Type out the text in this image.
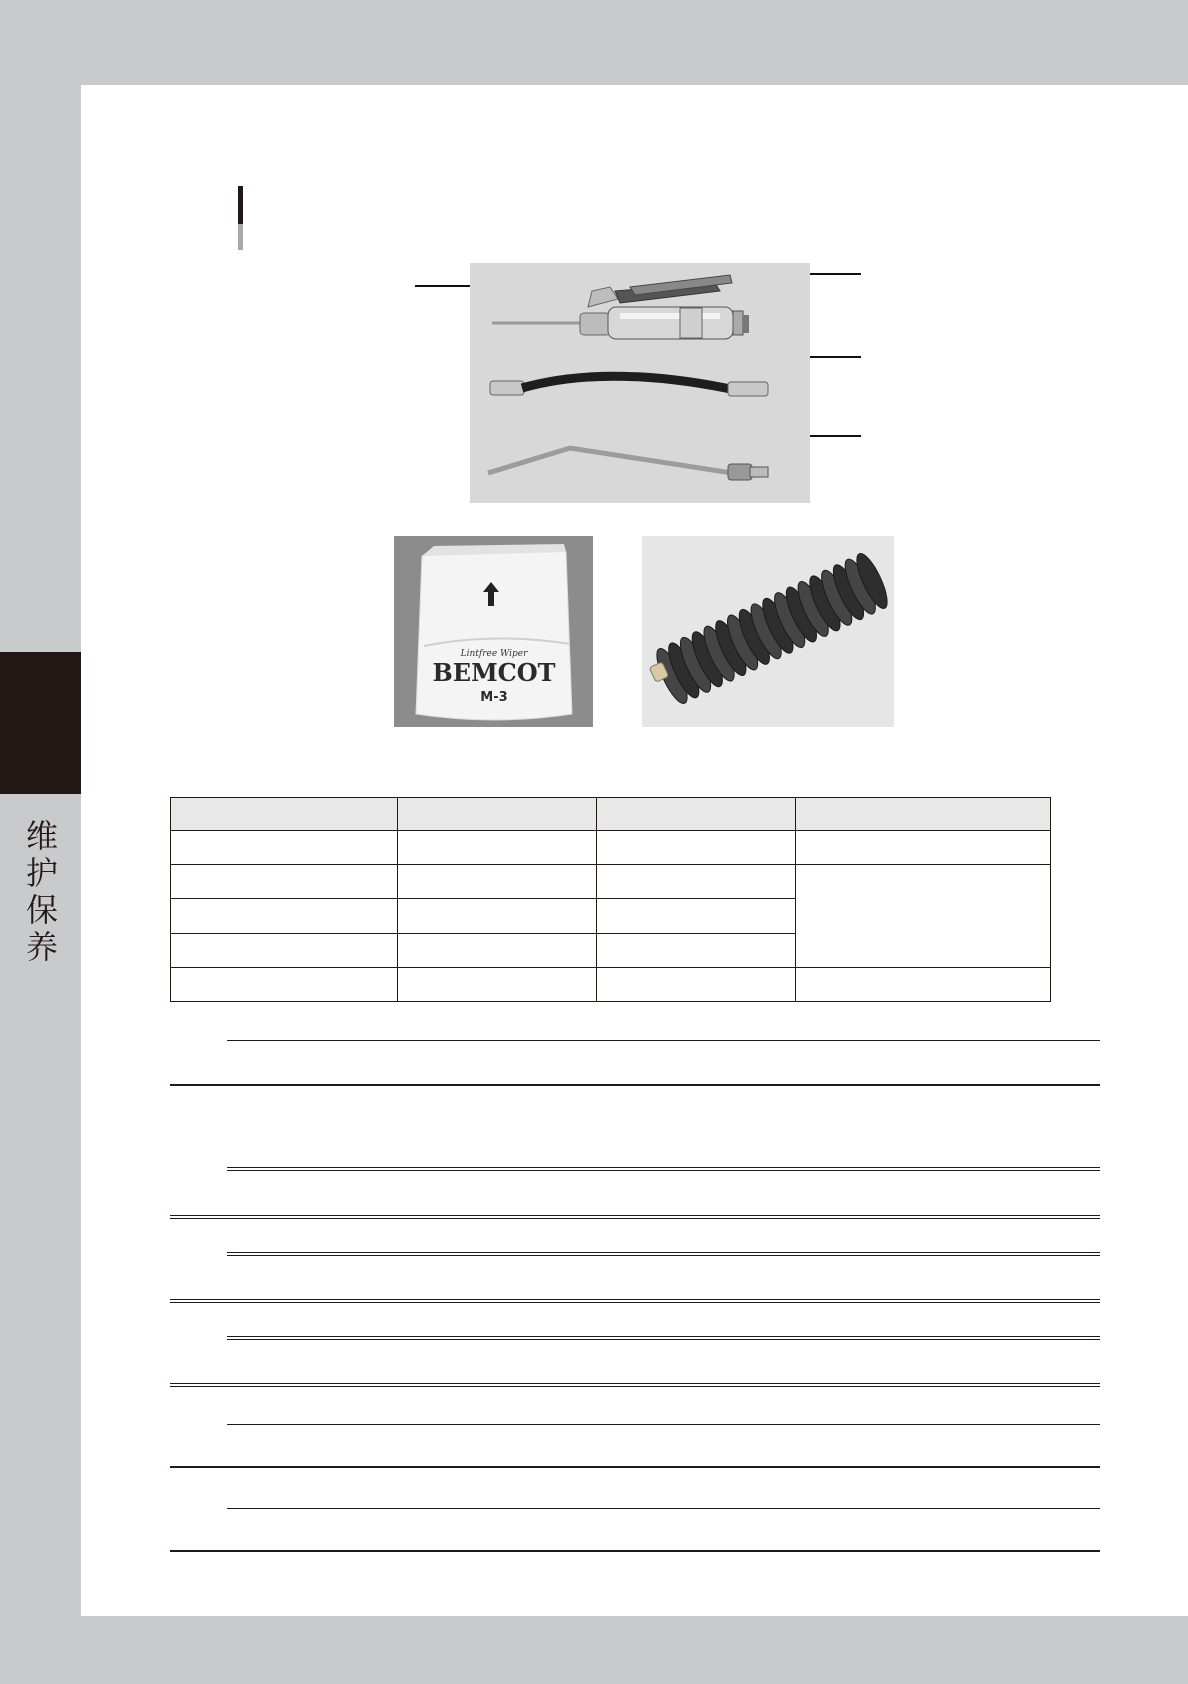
维护保养
Lintfree Wiper
BEMCOT
M-3
